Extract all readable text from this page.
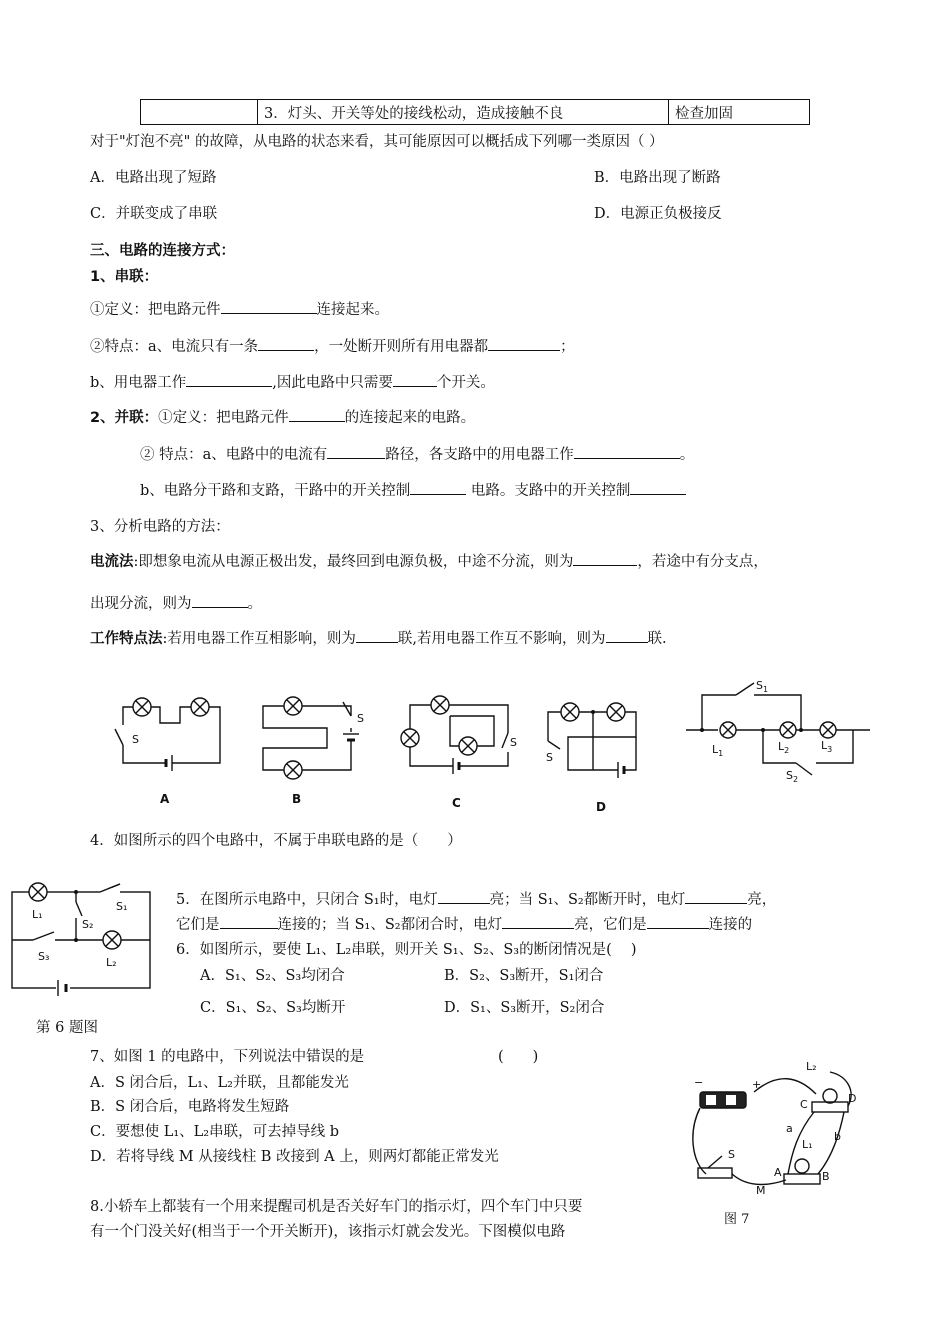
	3．灯头、开关等处的接线松动，造成接触不良	检查加固
对于"灯泡不亮" 的故障，从电路的状态来看，其可能原因可以概括成下列哪一类原因（ ）
A．电路出现了短路	B．电路出现了断路
C．并联变成了串联	D．电源正负极接反
三、电路的连接方式：
1、串联：
①定义：把电路元件	连接起来。
②特点：a、电流只有一条	，一处断开则所有用电器都	；
b、用电器工作	,因此电路中只需要	个开关。
2、并联：①定义：把电路元件	的连接起来的电路。
② 特点：a、电路中的电流有	路径，各支路中的用电器工作	。
b、电路分干路和支路，干路中的开关控制	电路。支路中的开关控制
3、分析电路的方法：
电流法:即想象电流从电源正极出发，最终回到电源负极，中途不分流，则为	，若途中有分支点，
出现分流，则为	。
工作特点法:若用电器工作互相影响，则为	联,若用电器工作互不影响，则为	联.
S
A
S
B
S
C
S
D
$S_1$
$L_1$
$L_2$	$L_3$
$S_2$
4．如图所示的四个电路中，不属于串联电路的是（　　）
L₁
S₁
S₂
S₃	L₂
5．在图所示电路中，只闭合 S₁时，电灯	亮；当 S₁、S₂都断开时，电灯	亮，
它们是	连接的；当 S₁、S₂都闭合时，电灯	亮，它们是	连接的
6．如图所示，要使 L₁、L₂串联，则开关 S₁、S₂、S₃的断闭情况是(　 )
A．S₁、S₂、S₃均闭合	B．S₂、S₃断开，S₁闭合
C．S₁、S₂、S₃均断开	D．S₁、S₃断开，S₂闭合
第 6 题图
7、如图 1 的电路中，下列说法中错误的是	(　　)
A．S 闭合后，L₁、L₂并联，且都能发光
B．S 闭合后，电路将发生短路
C．要想使 L₁、L₂串联，可去掉导线 b
D．若将导线 M 从接线柱 B 改接到 A 上，则两灯都能正常发光
−	+
L₂
C	D
a
b
L₁
A	B
S
M
图 7
8.小轿车上都装有一个用来提醒司机是否关好车门的指示灯，四个车门中只要
有一个门没关好(相当于一个开关断开)，该指示灯就会发光。下图模似电路
